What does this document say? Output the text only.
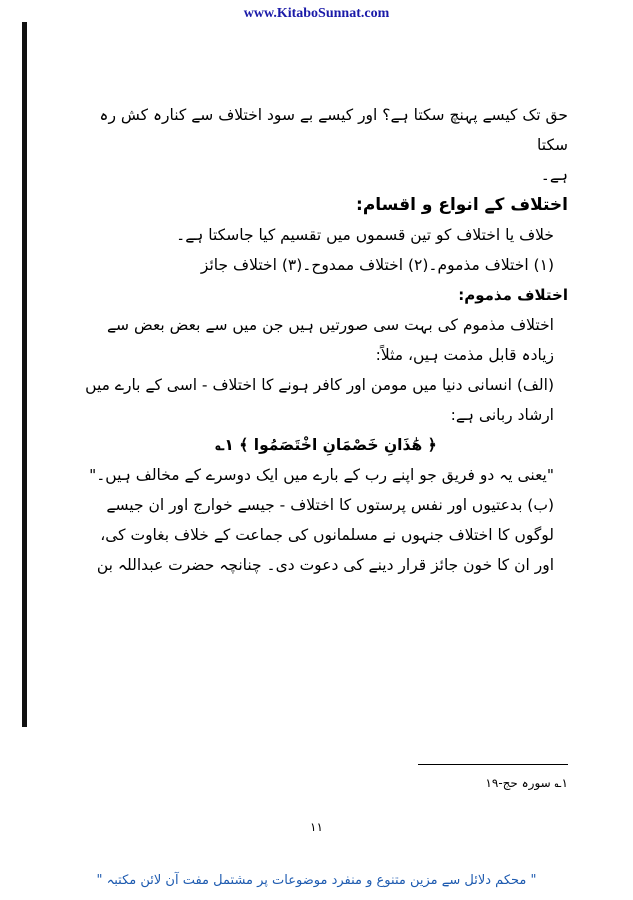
www.KitaboSunnat.com

حق تک کیسے پہنچ سکتا ہے؟ اور کیسے بے سود اختلاف سے کنارہ کش رہ سکتا

ہے۔

اختلاف کے انواع و اقسام:

خلاف یا اختلاف کو تین قسموں میں تقسیم کیا جاسکتا ہے۔

(۱) اختلاف مذموم۔(۲) اختلاف ممدوح۔(۳) اختلاف جائز

اختلاف مذموم:

اختلاف مذموم کی بہت سی صورتیں ہیں جن میں سے بعض بعض سے زیادہ قابل مذمت ہیں، مثلاً:

(الف) انسانی دنیا میں مومن اور کافر ہونے کا اختلاف - اسی کے بارے میں ارشاد ربانی ہے:

﴿ هَٰذَانِ خَصْمَانِ اخْتَصَمُوا ﴾ ۱؎

"یعنی یہ دو فریق جو اپنے رب کے بارے میں ایک دوسرے کے مخالف ہیں۔"

(ب) بدعتیوں اور نفس پرستوں کا اختلاف - جیسے خوارج اور ان جیسے لوگوں کا اختلاف جنہوں نے مسلمانوں کی جماعت کے خلاف بغاوت کی، اور ان کا خون جائز قرار دینے کی دعوت دی۔ چنانچہ حضرت عبداللہ بن

۱؎ سورہ حج-۱۹
۱۱
" محکم دلائل سے مزین متنوع و منفرد موضوعات پر مشتمل مفت آن لائن مکتبہ "
